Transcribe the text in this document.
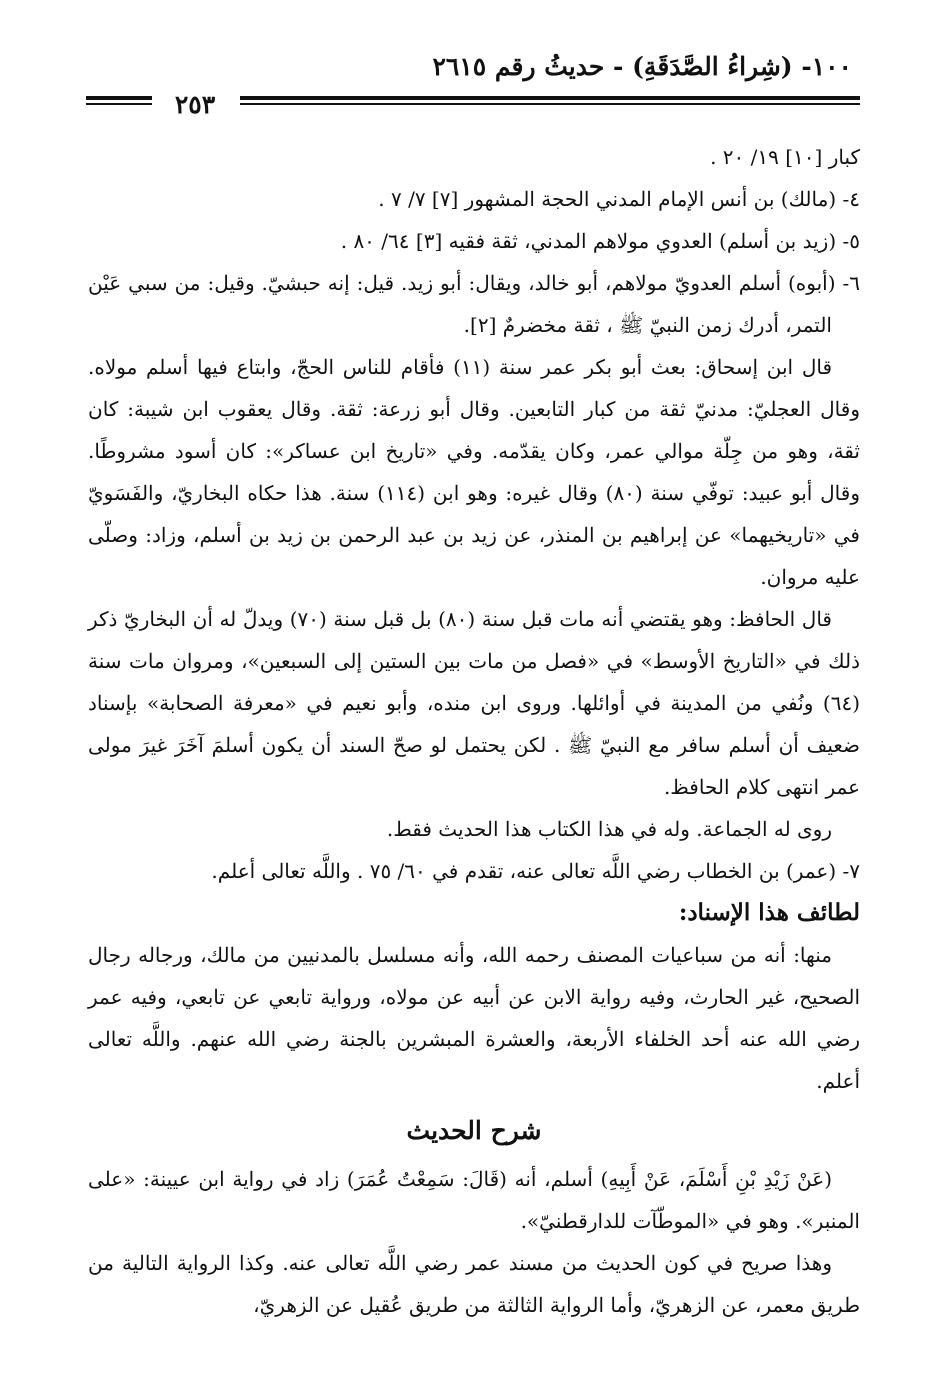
١٠٠- (شِراءُ الصَّدَقَةِ) - حديثُ رقم ٢٦١٥
٢٥٣

كبار [١٠] ١٩/ ٢٠ .

٤- (مالك) بن أنس الإمام المدني الحجة المشهور [٧] ٧/ ٧ .

٥- (زيد بن أسلم) العدوي مولاهم المدني، ثقة فقيه [٣] ٦٤/ ٨٠ .

٦- (أبوه) أسلم العدويّ مولاهم، أبو خالد، ويقال: أبو زيد. قيل: إنه حبشيّ. وقيل: من سبي عَيْن التمر، أدرك زمن النبيّ ﷺ ، ثقة مخضرمٌ [٢].

قال ابن إسحاق: بعث أبو بكر عمر سنة (١١) فأقام للناس الحجّ، وابتاع فيها أسلم مولاه. وقال العجليّ: مدنيّ ثقة من كبار التابعين. وقال أبو زرعة: ثقة. وقال يعقوب ابن شيبة: كان ثقة، وهو من جِلّة موالي عمر، وكان يقدّمه. وفي «تاريخ ابن عساكر»: كان أسود مشروطًا. وقال أبو عبيد: توفّي سنة (٨٠) وقال غيره: وهو ابن (١١٤) سنة. هذا حكاه البخاريّ، والفَسَويّ في «تاريخيهما» عن إبراهيم بن المنذر، عن زيد بن عبد الرحمن بن زيد بن أسلم، وزاد: وصلّى عليه مروان.

قال الحافظ: وهو يقتضي أنه مات قبل سنة (٨٠) بل قبل سنة (٧٠) ويدلّ له أن البخاريّ ذكر ذلك في «التاريخ الأوسط» في «فصل من مات بين الستين إلى السبعين»، ومروان مات سنة (٦٤) ونُفي من المدينة في أوائلها. وروى ابن منده، وأبو نعيم في «معرفة الصحابة» بإسناد ضعيف أن أسلم سافر مع النبيّ ﷺ . لكن يحتمل لو صحّ السند أن يكون أسلمَ آخَرَ غيرَ مولى عمر انتهى كلام الحافظ.

روى له الجماعة. وله في هذا الكتاب هذا الحديث فقط.

٧- (عمر) بن الخطاب رضي اللَّه تعالى عنه، تقدم في ٦٠/ ٧٥ . واللَّه تعالى أعلم.

لطائف هذا الإسناد:

منها: أنه من سباعيات المصنف رحمه الله، وأنه مسلسل بالمدنيين من مالك، ورجاله رجال الصحيح، غير الحارث، وفيه رواية الابن عن أبيه عن مولاه، ورواية تابعي عن تابعي، وفيه عمر رضي الله عنه أحد الخلفاء الأربعة، والعشرة المبشرين بالجنة رضي الله عنهم. واللَّه تعالى أعلم.

شرح الحديث

(عَنْ زَيْدِ بْنِ أَسْلَمَ، عَنْ أَبِيهِ) أسلم، أنه (قَالَ: سَمِعْتُ عُمَرَ) زاد في رواية ابن عيينة: «على المنبر». وهو في «الموطّآت للدارقطنيّ».

وهذا صريح في كون الحديث من مسند عمر رضي اللَّه تعالى عنه. وكذا الرواية التالية من طريق معمر، عن الزهريّ، وأما الرواية الثالثة من طريق عُقيل عن الزهريّ،
